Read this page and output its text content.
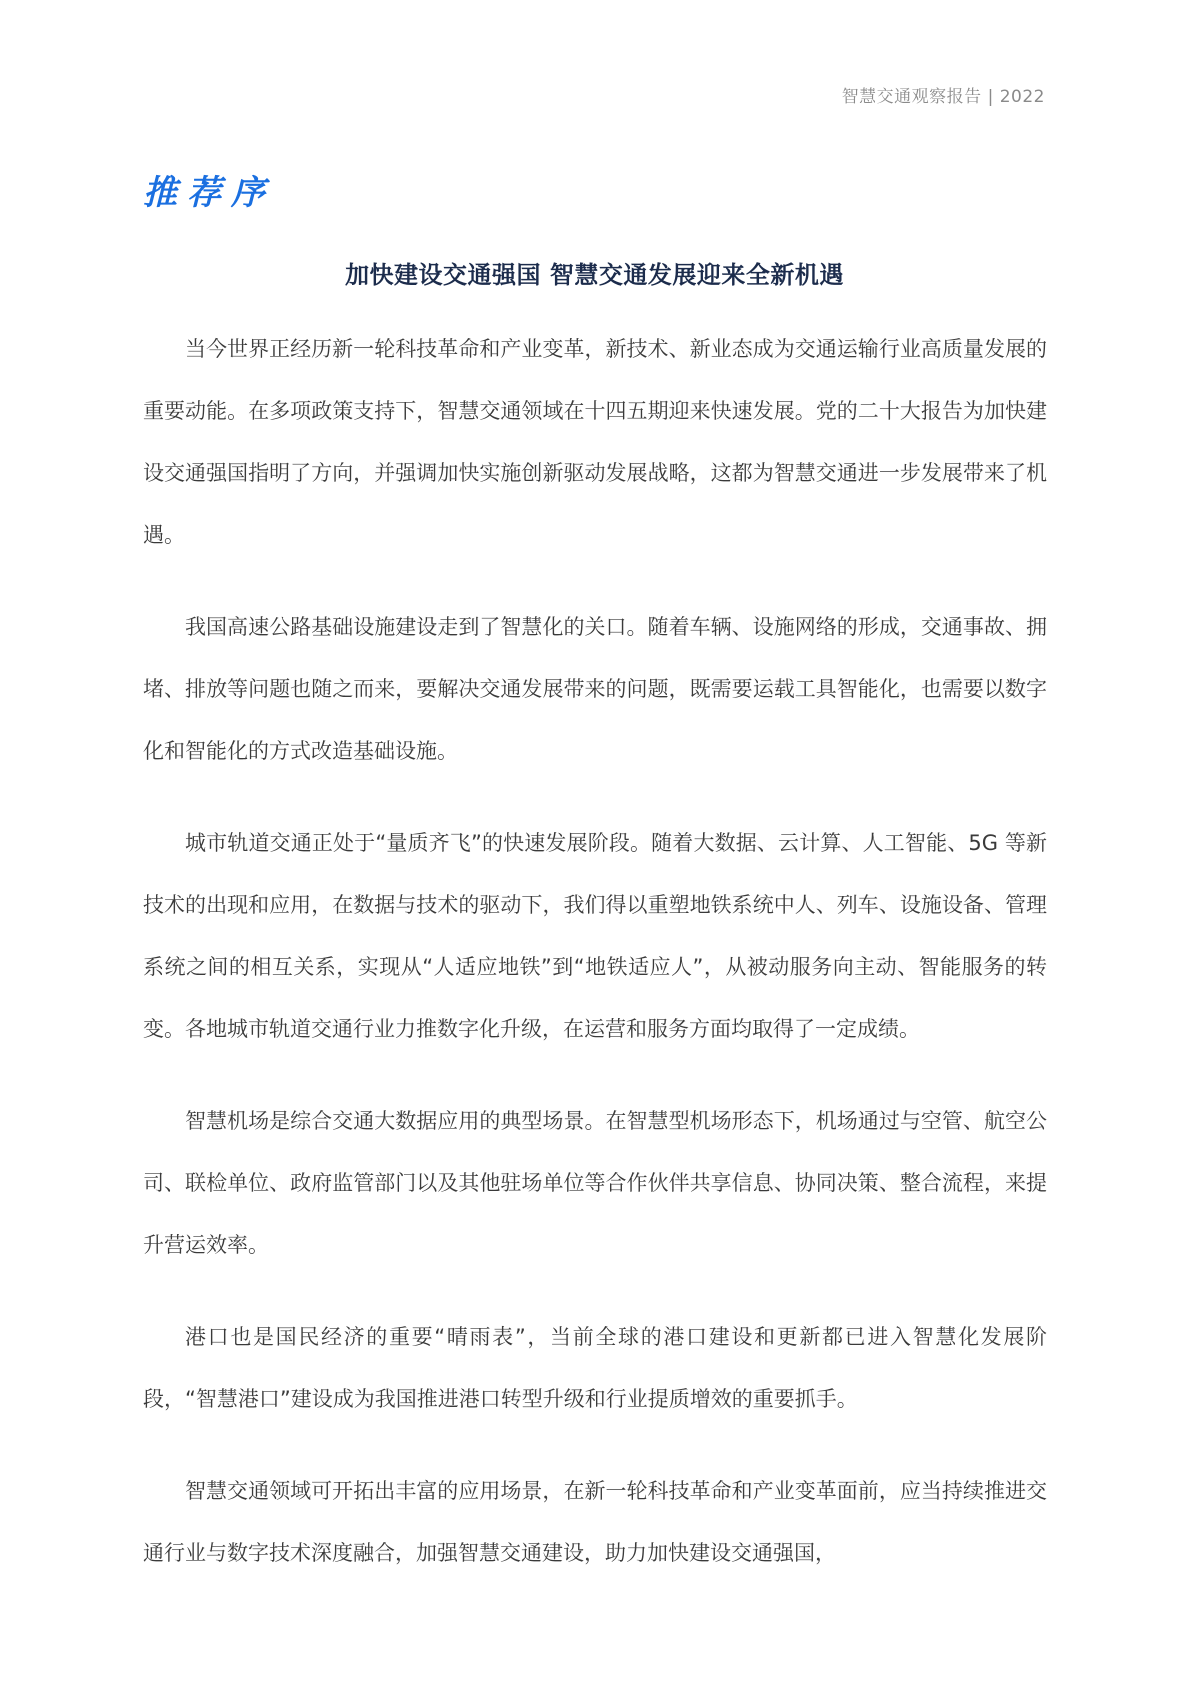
智慧交通观察报告 | 2022
推荐序
加快建设交通强国 智慧交通发展迎来全新机遇

当今世界正经历新一轮科技革命和产业变革，新技术、新业态成为交通运输行业高质量发展的重要动能。在多项政策支持下，智慧交通领域在十四五期迎来快速发展。党的二十大报告为加快建设交通强国指明了方向，并强调加快实施创新驱动发展战略，这都为智慧交通进一步发展带来了机遇。

我国高速公路基础设施建设走到了智慧化的关口。随着车辆、设施网络的形成，交通事故、拥堵、排放等问题也随之而来，要解决交通发展带来的问题，既需要运载工具智能化，也需要以数字化和智能化的方式改造基础设施。

城市轨道交通正处于“量质齐飞”的快速发展阶段。随着大数据、云计算、人工智能、5G 等新技术的出现和应用，在数据与技术的驱动下，我们得以重塑地铁系统中人、列车、设施设备、管理系统之间的相互关系，实现从“人适应地铁”到“地铁适应人”，从被动服务向主动、智能服务的转变。各地城市轨道交通行业力推数字化升级，在运营和服务方面均取得了一定成绩。

智慧机场是综合交通大数据应用的典型场景。在智慧型机场形态下，机场通过与空管、航空公司、联检单位、政府监管部门以及其他驻场单位等合作伙伴共享信息、协同决策、整合流程，来提升营运效率。

港口也是国民经济的重要“晴雨表”，当前全球的港口建设和更新都已进入智慧化发展阶段，“智慧港口”建设成为我国推进港口转型升级和行业提质增效的重要抓手。

智慧交通领域可开拓出丰富的应用场景，在新一轮科技革命和产业变革面前，应当持续推进交通行业与数字技术深度融合，加强智慧交通建设，助力加快建设交通强国，
